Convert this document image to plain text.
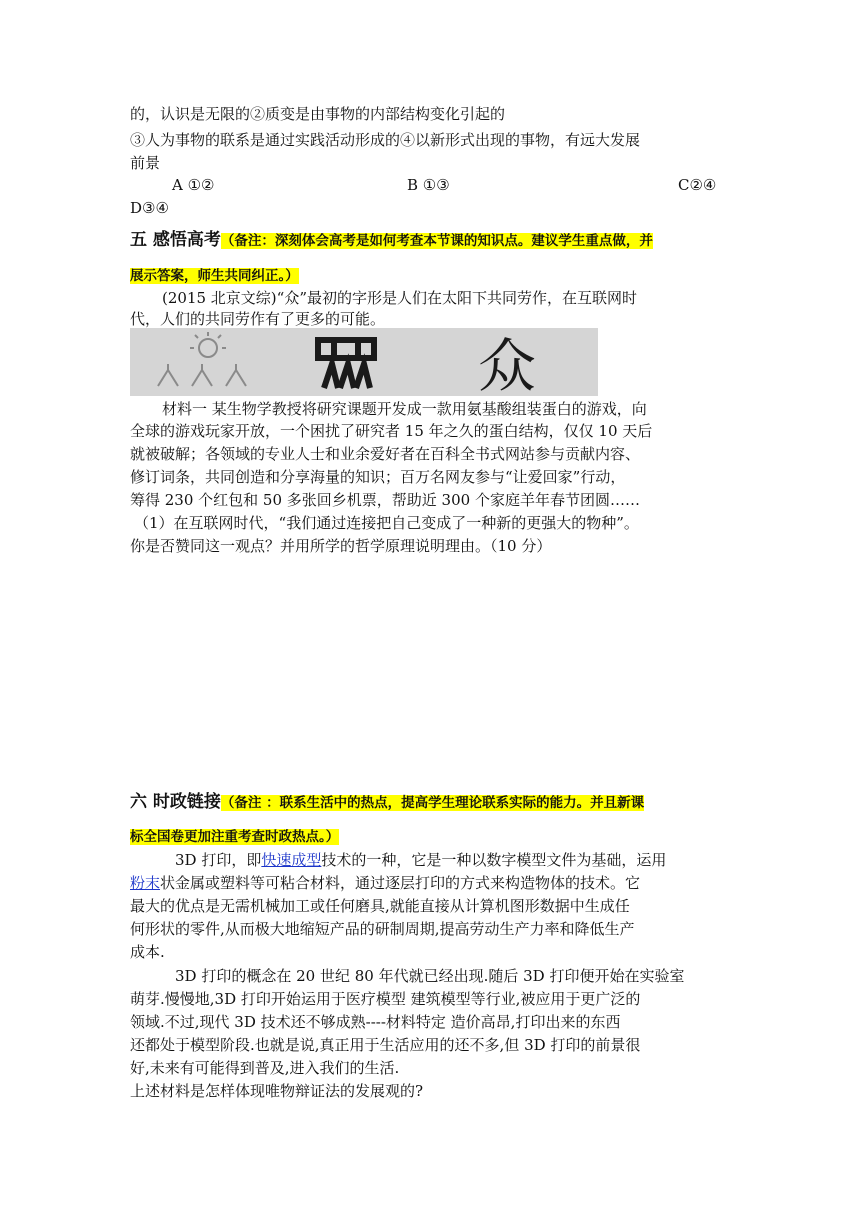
的，认识是无限的②质变是由事物的内部结构变化引起的
③人为事物的联系是通过实践活动形成的④以新形式出现的事物，有远大发展
前景
A ①②	B ①③	C②④
D③④
五 感悟高考（备注：深刻体会高考是如何考查本节课的知识点。建议学生重点做，并
展示答案，师生共同纠正。）
(2015 北京文综)“众”最初的字形是人们在太阳下共同劳作，在互联网时
代，人们的共同劳作有了更多的可能。
众
材料一 某生物学教授将研究课题开发成一款用氨基酸组装蛋白的游戏，向
全球的游戏玩家开放，一个困扰了研究者 15 年之久的蛋白结构，仅仅 10 天后
就被破解；各领域的专业人士和业余爱好者在百科全书式网站参与贡献内容、
修订词条，共同创造和分享海量的知识；百万名网友参与“让爱回家”行动，
筹得 230 个红包和 50 多张回乡机票，帮助近 300 个家庭羊年春节团圆……
（1）在互联网时代，“我们通过连接把自己变成了一种新的更强大的物种”。
你是否赞同这一观点？并用所学的哲学原理说明理由。（10 分）
六 时政链接（备注 ：联系生活中的热点，提高学生理论联系实际的能力。并且新课
标全国卷更加注重考查时政热点。）
3D 打印，即快速成型技术的一种，它是一种以数字模型文件为基础，运用
粉末状金属或塑料等可粘合材料，通过逐层打印的方式来构造物体的技术。它
最大的优点是无需机械加工或任何磨具,就能直接从计算机图形数据中生成任
何形状的零件,从而极大地缩短产品的研制周期,提高劳动生产力率和降低生产
成本.
3D 打印的概念在 20 世纪 80 年代就已经出现.随后 3D 打印便开始在实验室
萌芽.慢慢地,3D 打印开始运用于医疗模型 建筑模型等行业,被应用于更广泛的
领域.不过,现代 3D 技术还不够成熟----材料特定 造价高昂,打印出来的东西
还都处于模型阶段.也就是说,真正用于生活应用的还不多,但 3D 打印的前景很
好,未来有可能得到普及,进入我们的生活.
上述材料是怎样体现唯物辩证法的发展观的?
